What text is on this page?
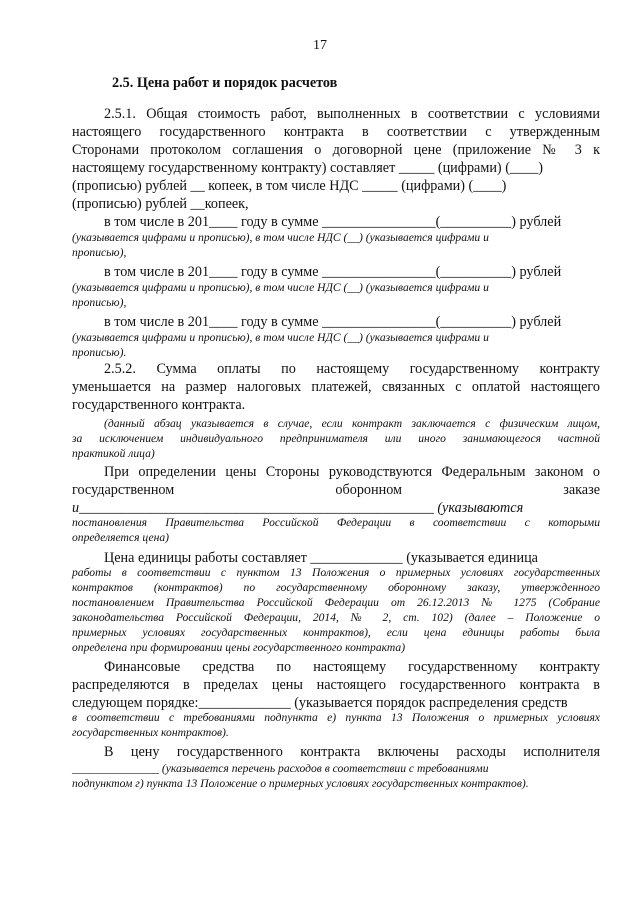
17
2.5. Цена работ и порядок расчетов
2.5.1. Общая стоимость работ, выполненных в соответствии с условиями
настоящего государственного контракта в соответствии с утвержденным
Сторонами протоколом соглашения о договорной цене (приложение № 3 к
настоящему государственному контракту) составляет _____ (цифрами) (____)
(прописью) рублей __ копеек, в том числе НДС _____ (цифрами) (____)
(прописью) рублей __копеек,
в том числе в 201____ году в сумме ________________(__________) рублей
(указывается цифрами и прописью), в том числе НДС (__) (указывается цифрами и
прописью),
в том числе в 201____ году в сумме ________________(__________) рублей
(указывается цифрами и прописью), в том числе НДС (__) (указывается цифрами и
прописью),
в том числе в 201____ году в сумме ________________(__________) рублей
(указывается цифрами и прописью), в том числе НДС (__) (указывается цифрами и
прописью).
2.5.2. Сумма оплаты по настоящему государственному контракту
уменьшается на размер налоговых платежей, связанных с оплатой настоящего
государственного контракта.
(данный абзац указывается в случае, если контракт заключается с физическим лицом,
за исключением индивидуального предпринимателя или иного занимающегося частной
практикой лица)
При определении цены Стороны руководствуются Федеральным законом о
государственном оборонном заказе
и__________________________________________________ (указываются
постановления Правительства Российской Федерации в соответствии с которыми
определяется цена)
Цена единицы работы составляет _____________ (указывается единица
работы в соответствии с пунктом 13 Положения о примерных условиях государственных
контрактов (контрактов) по государственному оборонному заказу, утвержденного
постановлением Правительства Российской Федерации от 26.12.2013 № 1275 (Собрание
законодательства Российской Федерации, 2014, № 2, ст. 102) (далее – Положение о
примерных условиях государственных контрактов), если цена единицы работы была
определена при формировании цены государственного контракта)
Финансовые средства по настоящему государственному контракту
распределяются в пределах цены настоящего государственного контракта в
следующем порядке:_____________ (указывается порядок распределения средств
в соответствии с требованиями подпункта е) пункта 13 Положения о примерных условиях
государственных контрактов).
В цену государственного контракта включены расходы исполнителя
_______________ (указывается перечень расходов в соответствии с требованиями
подпунктом г) пункта 13 Положение о примерных условиях государственных контрактов).
